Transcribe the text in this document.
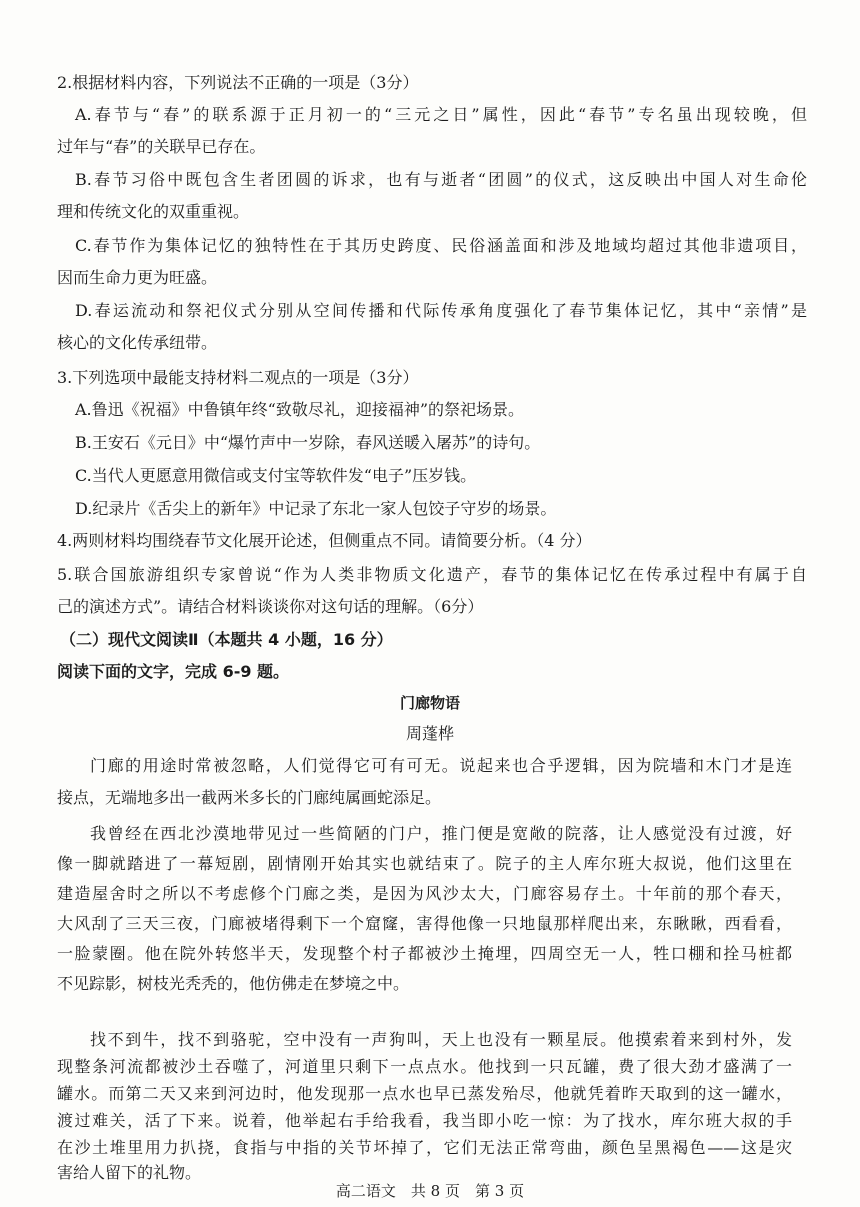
2.根据材料内容，下列说法不正确的一项是（3分）
A.春节与“春”的联系源于正月初一的“三元之日”属性，因此“春节”专名虽出现较晚，但
过年与“春”的关联早已存在。
B.春节习俗中既包含生者团圆的诉求，也有与逝者“团圆”的仪式，这反映出中国人对生命伦
理和传统文化的双重重视。
C.春节作为集体记忆的独特性在于其历史跨度、民俗涵盖面和涉及地域均超过其他非遗项目，
因而生命力更为旺盛。
D.春运流动和祭祀仪式分别从空间传播和代际传承角度强化了春节集体记忆，其中“亲情”是
核心的文化传承纽带。
3.下列选项中最能支持材料二观点的一项是（3分）
A.鲁迅《祝福》中鲁镇年终“致敬尽礼，迎接福神”的祭祀场景。
B.王安石《元日》中“爆竹声中一岁除，春风送暖入屠苏”的诗句。
C.当代人更愿意用微信或支付宝等软件发“电子”压岁钱。
D.纪录片《舌尖上的新年》中记录了东北一家人包饺子守岁的场景。
4.两则材料均围绕春节文化展开论述，但侧重点不同。请简要分析。（4 分）
5.联合国旅游组织专家曾说“作为人类非物质文化遗产，春节的集体记忆在传承过程中有属于自
己的演述方式”。请结合材料谈谈你对这句话的理解。（6分）
（二）现代文阅读Ⅱ（本题共 4 小题，16 分）
阅读下面的文字，完成 6-9 题。
门廊物语
周蓬桦
门廊的用途时常被忽略，人们觉得它可有可无。说起来也合乎逻辑，因为院墙和木门才是连
接点，无端地多出一截两米多长的门廊纯属画蛇添足。
我曾经在西北沙漠地带见过一些简陋的门户，推门便是宽敞的院落，让人感觉没有过渡，好
像一脚就踏进了一幕短剧，剧情刚开始其实也就结束了。院子的主人库尔班大叔说，他们这里在
建造屋舍时之所以不考虑修个门廊之类，是因为风沙太大，门廊容易存土。十年前的那个春天，
大风刮了三天三夜，门廊被堵得剩下一个窟窿，害得他像一只地鼠那样爬出来，东瞅瞅，西看看，
一脸蒙圈。他在院外转悠半天，发现整个村子都被沙土掩埋，四周空无一人，牲口棚和拴马桩都
不见踪影，树枝光秃秃的，他仿佛走在梦境之中。
找不到牛，找不到骆驼，空中没有一声狗叫，天上也没有一颗星辰。他摸索着来到村外，发
现整条河流都被沙土吞噬了，河道里只剩下一点点水。他找到一只瓦罐，费了很大劲才盛满了一
罐水。而第二天又来到河边时，他发现那一点水也早已蒸发殆尽，他就凭着昨天取到的这一罐水，
渡过难关，活了下来。说着，他举起右手给我看，我当即小吃一惊：为了找水，库尔班大叔的手
在沙土堆里用力扒挠，食指与中指的关节坏掉了，它们无法正常弯曲，颜色呈黑褐色——这是灾
高二语文　共 8 页　第 3 页
害给人留下的礼物。
